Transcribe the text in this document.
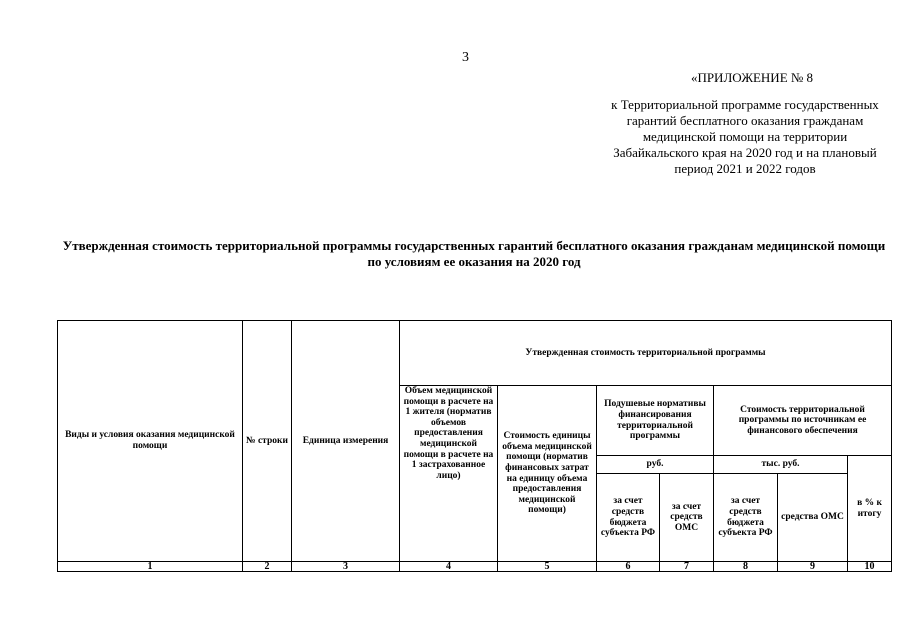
3
«ПРИЛОЖЕНИЕ № 8
к Территориальной программе государственных гарантий бесплатного оказания гражданам медицинской помощи на территории Забайкальского края на 2020 год и на плановый период 2021 и 2022 годов
Утвержденная стоимость территориальной программы государственных гарантий бесплатного оказания гражданам медицинской помощи по условиям ее оказания на 2020 год
Виды и условия оказания медицинской помощи	№ строки	Единица измерения	Утвержденная стоимость территориальной программы						
			Объем медицинской помощи в расчете на 1 жителя (норматив объемов предоставления медицинской помощи в расчете на 1 застрахованное лицо)	Стоимость единицы объема медицинской помощи (норматив финансовых затрат на единицу объема предоставления медицинской помощи)	Подушевые нормативы финансирования территориальной программы		Стоимость территориальной программы по источникам ее финансового обеспечения		
					руб.		тыс. руб.		в % к итогу
					за счет средств бюджета субъекта РФ	за счет средств ОМС	за счет средств бюджета субъекта РФ	средства ОМС	
1	2	3	4	5	6	7	8	9	10
